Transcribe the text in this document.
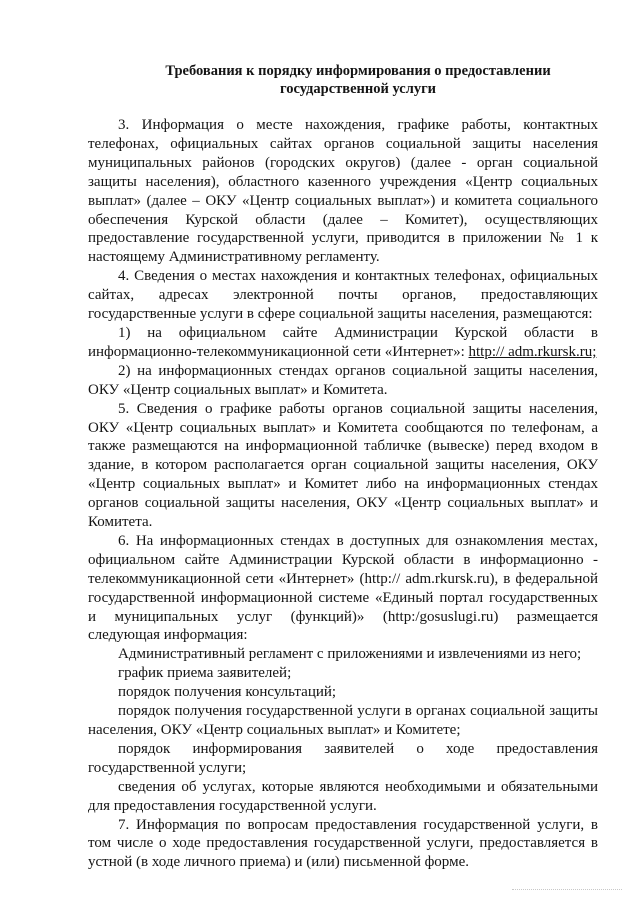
Требования к порядку информирования о предоставлении
государственной услуги

3. Информация о месте нахождения, графике работы, контактных телефонах, официальных сайтах органов социальной защиты населения муниципальных районов (городских округов) (далее - орган социальной защиты населения), областного казенного учреждения «Центр социальных выплат» (далее – ОКУ «Центр социальных выплат») и комитета социального обеспечения Курской области (далее – Комитет), осуществляющих предоставление государственной услуги, приводится в приложении № 1 к настоящему Административному регламенту.

4. Сведения о местах нахождения и контактных телефонах, официальных сайтах, адресах электронной почты органов, предоставляющих государственные услуги в сфере социальной защиты населения, размещаются:

1) на официальном сайте Администрации Курской области в информационно-телекоммуникационной сети «Интернет»: http:// adm.rkursk.ru;

2) на информационных стендах органов социальной защиты населения, ОКУ «Центр социальных выплат» и Комитета.

5. Сведения о графике работы органов социальной защиты населения, ОКУ «Центр социальных выплат» и Комитета сообщаются по телефонам, а также размещаются на информационной табличке (вывеске) перед входом в здание, в котором располагается орган социальной защиты населения, ОКУ «Центр социальных выплат» и Комитет либо на информационных стендах органов социальной защиты населения, ОКУ «Центр социальных выплат» и Комитета.

6. На информационных стендах в доступных для ознакомления местах, официальном сайте Администрации Курской области в информационно - телекоммуникационной сети «Интернет» (http:// adm.rkursk.ru), в федеральной государственной информационной системе «Единый портал государственных и муниципальных услуг (функций)» (http:/gosuslugi.ru) размещается следующая информация:

Административный регламент с приложениями и извлечениями из него;

график приема заявителей;

порядок получения консультаций;

порядок получения государственной услуги в органах социальной защиты населения, ОКУ «Центр социальных выплат» и Комитете;

порядок информирования заявителей о ходе предоставления государственной услуги;

сведения об услугах, которые являются необходимыми и обязательными для предоставления государственной услуги.

7. Информация по вопросам предоставления государственной услуги, в том числе о ходе предоставления государственной услуги, предоставляется в устной (в ходе личного приема) и (или) письменной форме.
